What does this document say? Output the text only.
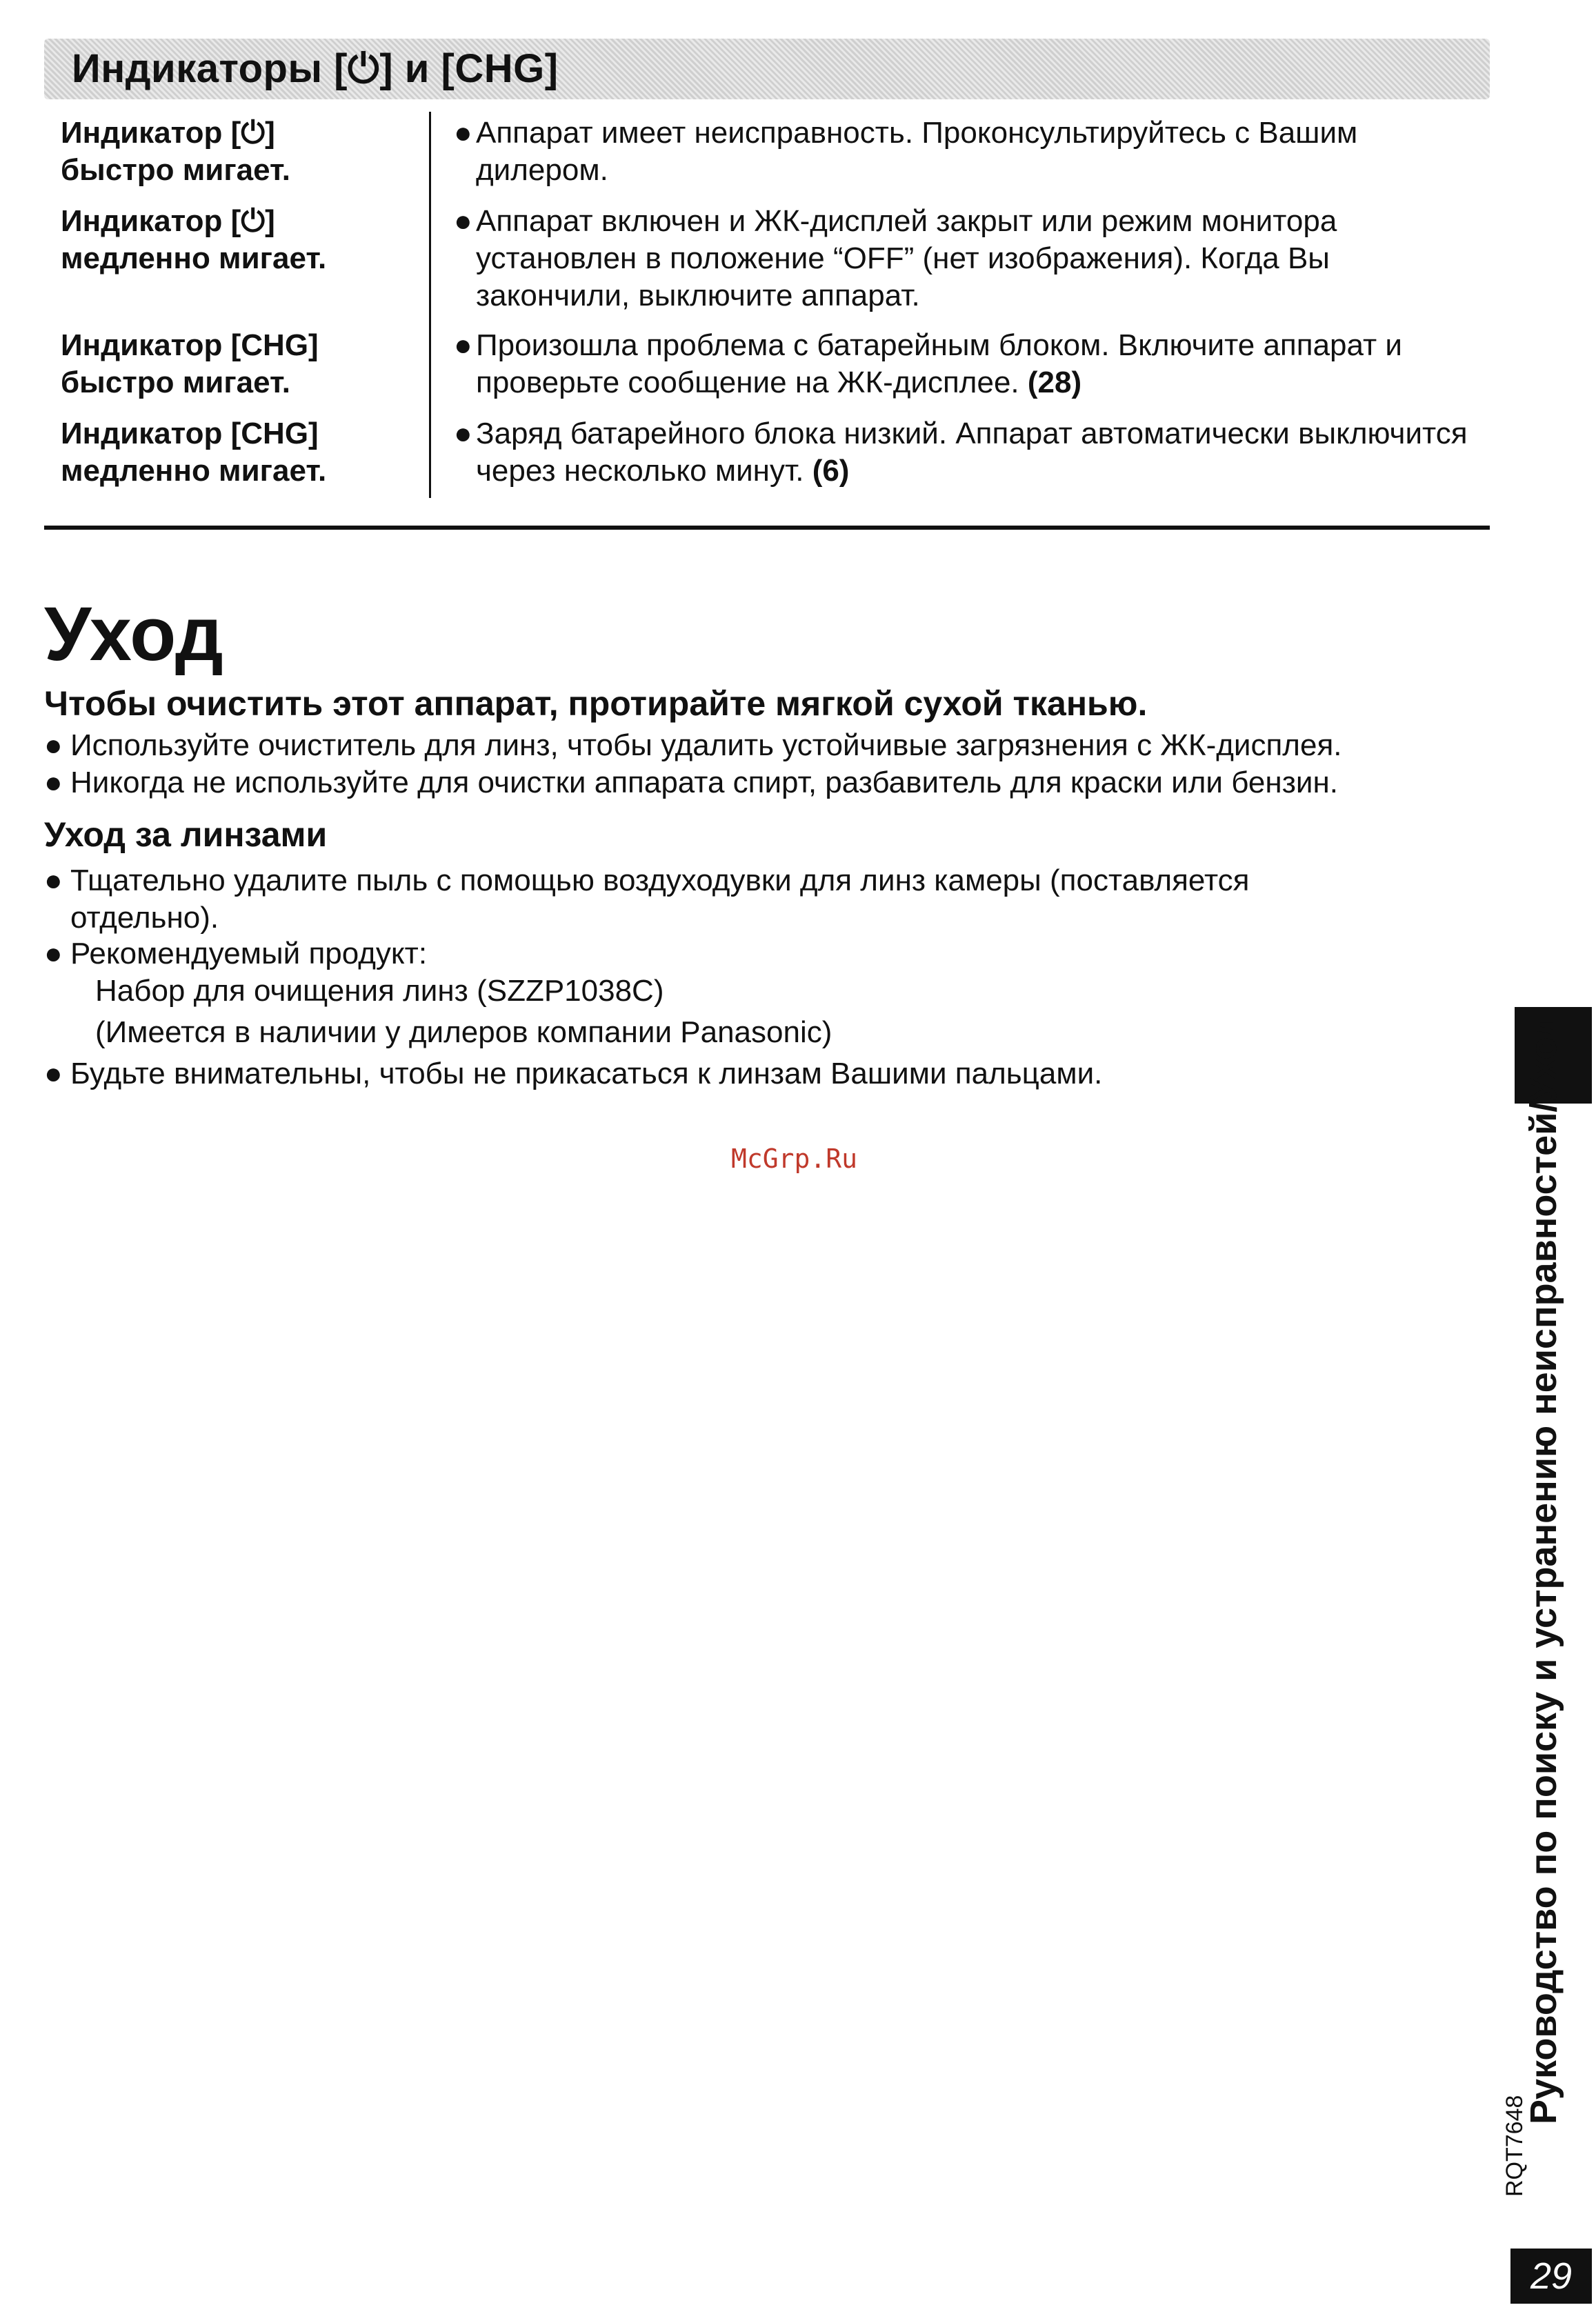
Индикаторы [⏻] и [CHG]
Индикатор [⏻]
быстро мигает.
● Аппарат имеет неисправность. Проконсультируйтесь с Вашим дилером.
Индикатор [⏻]
медленно мигает.
● Аппарат включен и ЖК-дисплей закрыт или режим монитора установлен в положение “OFF” (нет изображения). Когда Вы закончили, выключите аппарат.
Индикатор [CHG]
быстро мигает.
● Произошла проблема с батарейным блоком. Включите аппарат и проверьте сообщение на ЖК-дисплее. (28)
Индикатор [CHG]
медленно мигает.
● Заряд батарейного блока низкий. Аппарат автоматически выключится через несколько минут. (6)
Уход
Чтобы очистить этот аппарат, протирайте мягкой сухой тканью.
● Используйте очиститель для линз, чтобы удалить устойчивые загрязнения с ЖК-дисплея.
● Никогда не используйте для очистки аппарата спирт, разбавитель для краски или бензин.
Уход за линзами
● Тщательно удалите пыль с помощью воздуходувки для линз камеры (поставляется отдельно).
● Рекомендуемый продукт:
Набор для очищения линз (SZZP1038C)
(Имеется в наличии у дилеров компании Panasonic)
● Будьте внимательны, чтобы не прикасаться к линзам Вашими пальцами.
McGrp.Ru	Руководство по поиску и устранению неисправностей/Уход
RQT7648
29
